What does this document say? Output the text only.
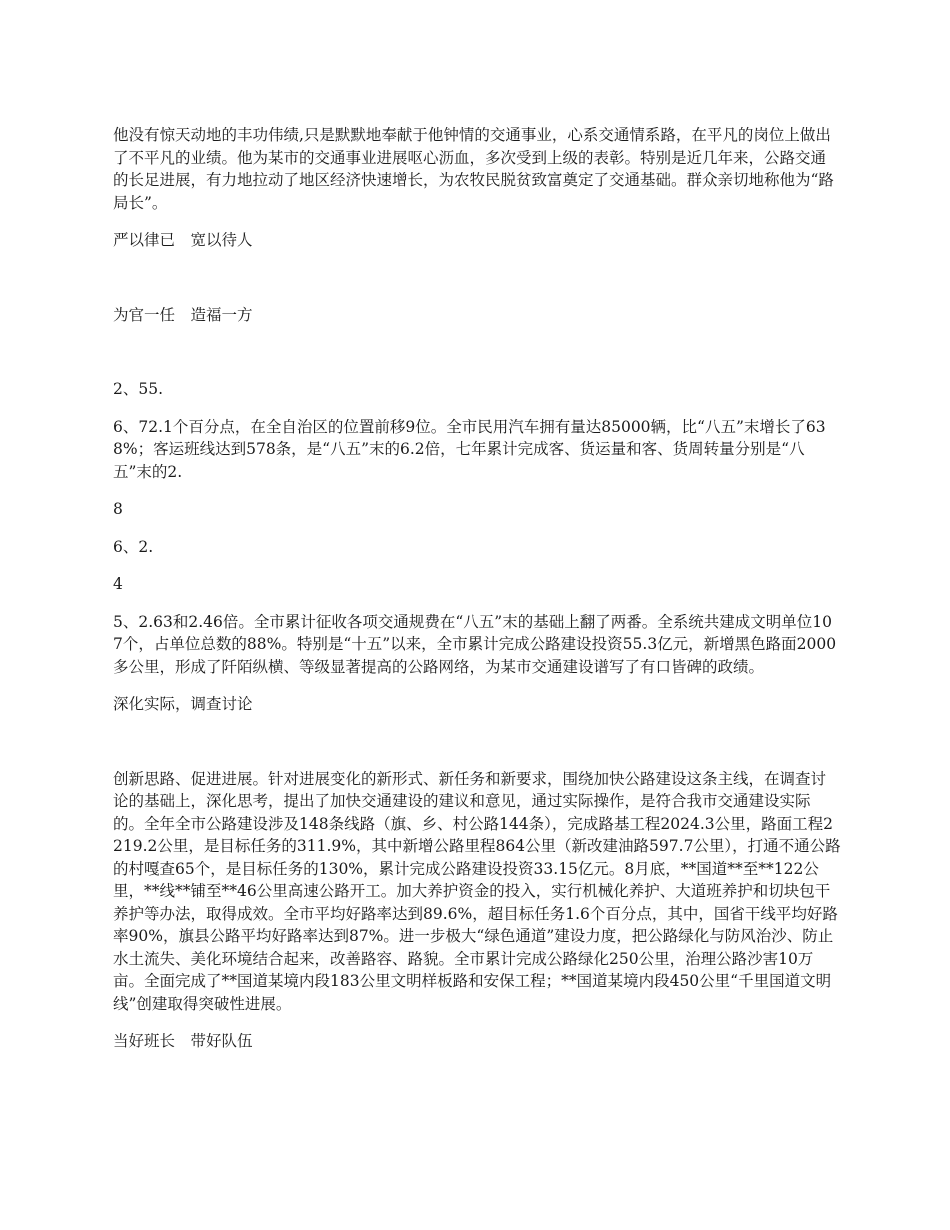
他没有惊天动地的丰功伟绩,只是默默地奉献于他钟情的交通事业，心系交通情系路，在平凡的岗位上做出了不平凡的业绩。他为某市的交通事业进展呕心沥血，多次受到上级的表彰。特别是近几年来，公路交通的长足进展，有力地拉动了地区经济快速增长，为农牧民脱贫致富奠定了交通基础。群众亲切地称他为“路局长”。

严以律已　宽以待人

为官一任　造福一方

2、55.

6、72.1个百分点，在全自治区的位置前移9位。全市民用汽车拥有量达85000辆，比“八五”末增长了638%；客运班线达到578条，是“八五”末的6.2倍，七年累计完成客、货运量和客、货周转量分别是“八五”末的2.

8

6、2.

4

5、2.63和2.46倍。全市累计征收各项交通规费在“八五”末的基础上翻了两番。全系统共建成文明单位107个，占单位总数的88%。特别是“十五”以来，全市累计完成公路建设投资55.3亿元，新增黑色路面2000多公里，形成了阡陌纵横、等级显著提高的公路网络，为某市交通建设谱写了有口皆碑的政绩。

深化实际，调查讨论

创新思路、促进进展。针对进展变化的新形式、新任务和新要求，围绕加快公路建设这条主线，在调查讨论的基础上，深化思考，提出了加快交通建设的建议和意见，通过实际操作，是符合我市交通建设实际的。全年全市公路建设涉及148条线路（旗、乡、村公路144条），完成路基工程2024.3公里，路面工程2219.2公里，是目标任务的311.9%，其中新增公路里程864公里（新改建油路597.7公里），打通不通公路的村嘎查65个，是目标任务的130%，累计完成公路建设投资33.15亿元。8月底，**国道**至**122公里，**线**铺至**46公里高速公路开工。加大养护资金的投入，实行机械化养护、大道班养护和切块包干养护等办法，取得成效。全市平均好路率达到89.6%，超目标任务1.6个百分点，其中，国省干线平均好路率90%，旗县公路平均好路率达到87%。进一步极大“绿色通道”建设力度，把公路绿化与防风治沙、防止水土流失、美化环境结合起来，改善路容、路貌。全市累计完成公路绿化250公里，治理公路沙害10万亩。全面完成了**国道某境内段183公里文明样板路和安保工程；**国道某境内段450公里“千里国道文明线”创建取得突破性进展。

当好班长　带好队伍
